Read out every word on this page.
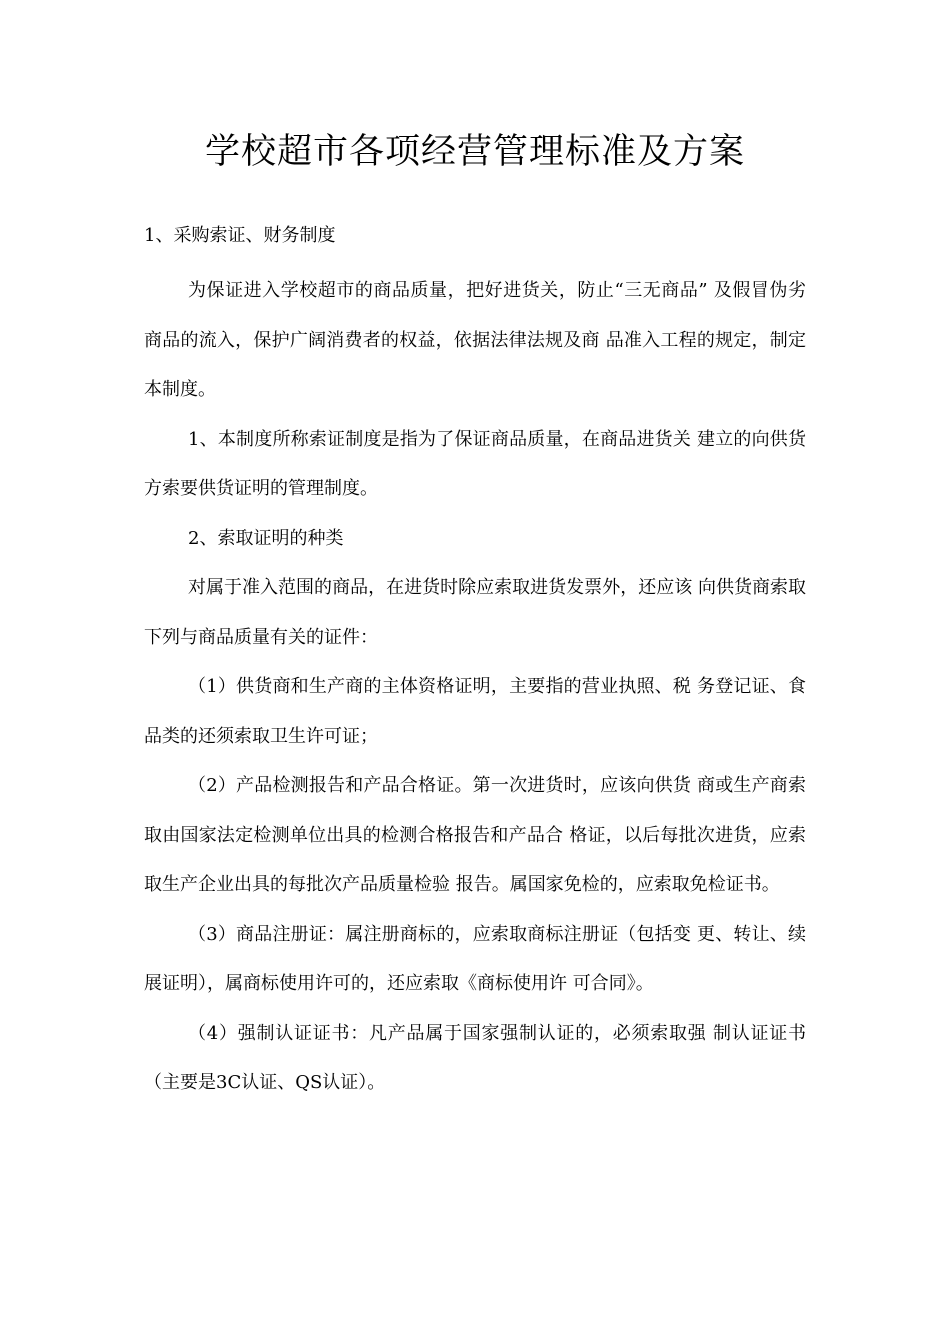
学校超市各项经营管理标准及方案
1、采购索证、财务制度

为保证进入学校超市的商品质量，把好进货关，防止“三无商品” 及假冒伪劣商品的流入，保护广阔消费者的权益，依据法律法规及商 品准入工程的规定，制定本制度。

1、本制度所称索证制度是指为了保证商品质量，在商品进货关 建立的向供货方索要供货证明的管理制度。

2、索取证明的种类

对属于准入范围的商品，在进货时除应索取进货发票外，还应该 向供货商索取下列与商品质量有关的证件：

（1）供货商和生产商的主体资格证明，主要指的营业执照、税 务登记证、食品类的还须索取卫生许可证；

（2）产品检测报告和产品合格证。第一次进货时，应该向供货 商或生产商索取由国家法定检测单位出具的检测合格报告和产品合 格证，以后每批次进货，应索取生产企业出具的每批次产品质量检验 报告。属国家免检的，应索取免检证书。

（3）商品注册证：属注册商标的，应索取商标注册证（包括变 更、转让、续展证明），属商标使用许可的，还应索取《商标使用许 可合同》。

（4）强制认证证书：凡产品属于国家强制认证的，必须索取强 制认证证书（主要是3C认证、QS认证）。
